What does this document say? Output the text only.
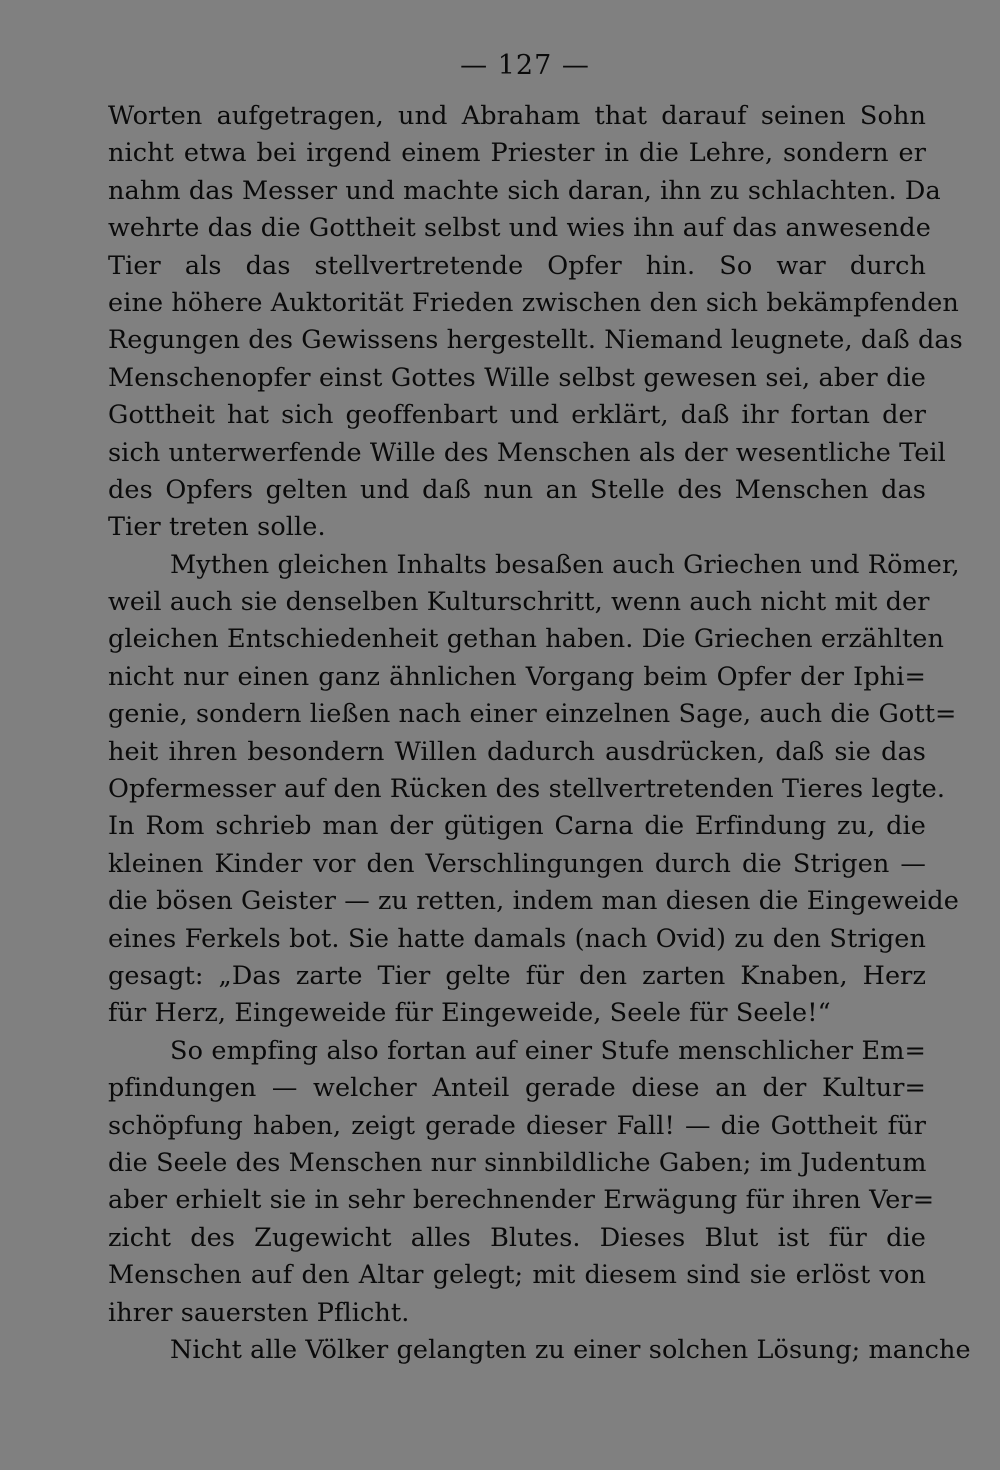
— 127 —
Worten aufgetragen, und Abraham that darauf seinen Sohn
nicht etwa bei irgend einem Priester in die Lehre, sondern er
nahm das Messer und machte sich daran, ihn zu schlachten. Da
wehrte das die Gottheit selbst und wies ihn auf das anwesende
Tier als das stellvertretende Opfer hin. So war durch
eine höhere Auktorität Frieden zwischen den sich bekämpfenden
Regungen des Gewissens hergestellt. Niemand leugnete, daß das
Menschenopfer einst Gottes Wille selbst gewesen sei, aber die
Gottheit hat sich geoffenbart und erklärt, daß ihr fortan der
sich unterwerfende Wille des Menschen als der wesentliche Teil
des Opfers gelten und daß nun an Stelle des Menschen das
Tier treten solle.
Mythen gleichen Inhalts besaßen auch Griechen und Römer,
weil auch sie denselben Kulturschritt, wenn auch nicht mit der
gleichen Entschiedenheit gethan haben. Die Griechen erzählten
nicht nur einen ganz ähnlichen Vorgang beim Opfer der Iphi=
genie, sondern ließen nach einer einzelnen Sage, auch die Gott=
heit ihren besondern Willen dadurch ausdrücken, daß sie das
Opfermesser auf den Rücken des stellvertretenden Tieres legte.
In Rom schrieb man der gütigen Carna die Erfindung zu, die
kleinen Kinder vor den Verschlingungen durch die Strigen —
die bösen Geister — zu retten, indem man diesen die Eingeweide
eines Ferkels bot. Sie hatte damals (nach Ovid) zu den Strigen
gesagt: „Das zarte Tier gelte für den zarten Knaben, Herz
für Herz, Eingeweide für Eingeweide, Seele für Seele!“
So empfing also fortan auf einer Stufe menschlicher Em=
pfindungen — welcher Anteil gerade diese an der Kultur=
schöpfung haben, zeigt gerade dieser Fall! — die Gottheit für
die Seele des Menschen nur sinnbildliche Gaben; im Judentum
aber erhielt sie in sehr berechnender Erwägung für ihren Ver=
zicht des Zugewicht alles Blutes. Dieses Blut ist für die
Menschen auf den Altar gelegt; mit diesem sind sie erlöst von
ihrer sauersten Pflicht.
Nicht alle Völker gelangten zu einer solchen Lösung; manche
